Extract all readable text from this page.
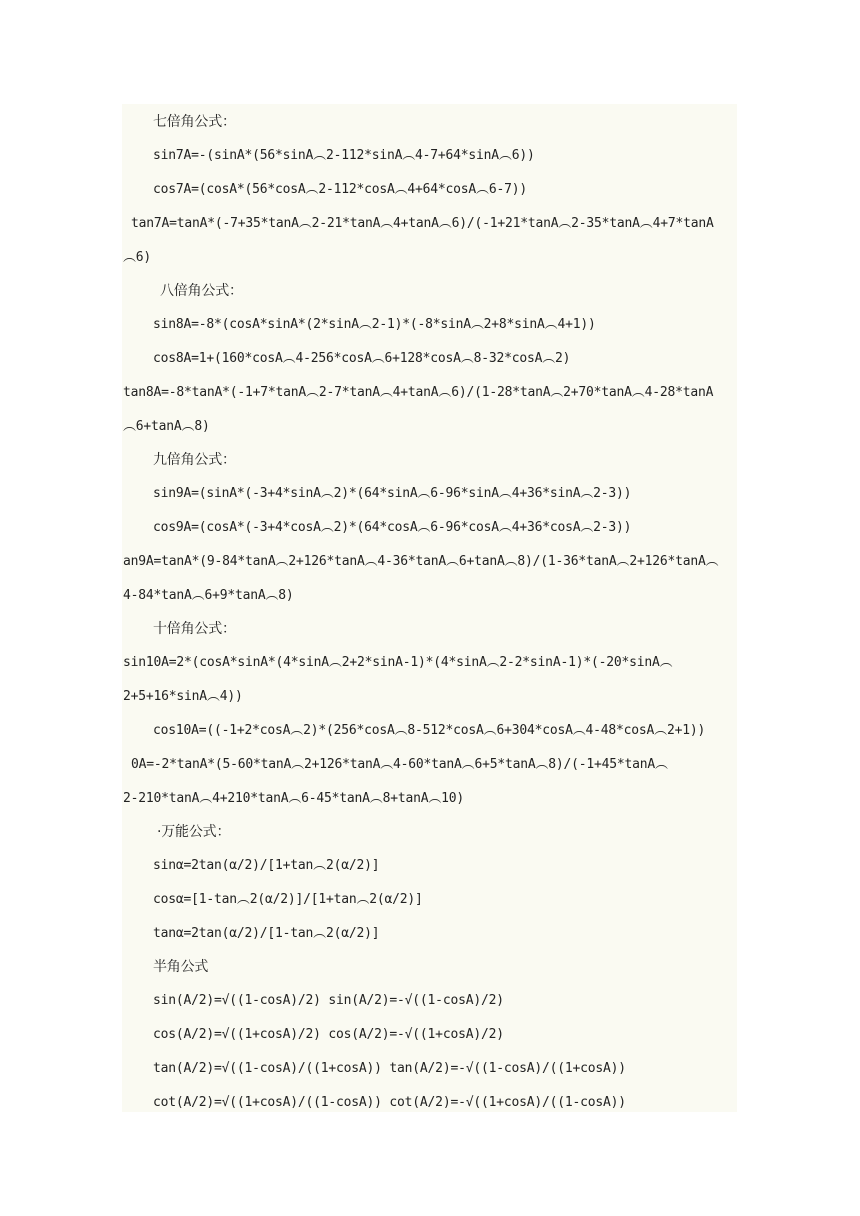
七倍角公式：
sin7A=-(sinA*(56*sinA︵2-112*sinA︵4-7+64*sinA︵6))
cos7A=(cosA*(56*cosA︵2-112*cosA︵4+64*cosA︵6-7))
tan7A=tanA*(-7+35*tanA︵2-21*tanA︵4+tanA︵6)/(-1+21*tanA︵2-35*tanA︵4+7*tanA
︵6)
八倍角公式：
sin8A=-8*(cosA*sinA*(2*sinA︵2-1)*(-8*sinA︵2+8*sinA︵4+1))
cos8A=1+(160*cosA︵4-256*cosA︵6+128*cosA︵8-32*cosA︵2)
tan8A=-8*tanA*(-1+7*tanA︵2-7*tanA︵4+tanA︵6)/(1-28*tanA︵2+70*tanA︵4-28*tanA
︵6+tanA︵8)
九倍角公式：
sin9A=(sinA*(-3+4*sinA︵2)*(64*sinA︵6-96*sinA︵4+36*sinA︵2-3))
cos9A=(cosA*(-3+4*cosA︵2)*(64*cosA︵6-96*cosA︵4+36*cosA︵2-3))
an9A=tanA*(9-84*tanA︵2+126*tanA︵4-36*tanA︵6+tanA︵8)/(1-36*tanA︵2+126*tanA︵
4-84*tanA︵6+9*tanA︵8)
十倍角公式：
sin10A=2*(cosA*sinA*(4*sinA︵2+2*sinA-1)*(4*sinA︵2-2*sinA-1)*(-20*sinA︵
2+5+16*sinA︵4))
cos10A=((-1+2*cosA︵2)*(256*cosA︵8-512*cosA︵6+304*cosA︵4-48*cosA︵2+1))
0A=-2*tanA*(5-60*tanA︵2+126*tanA︵4-60*tanA︵6+5*tanA︵8)/(-1+45*tanA︵
2-210*tanA︵4+210*tanA︵6-45*tanA︵8+tanA︵10)
·万能公式：
sinα=2tan(α/2)/[1+tan︵2(α/2)]
cosα=[1-tan︵2(α/2)]/[1+tan︵2(α/2)]
tanα=2tan(α/2)/[1-tan︵2(α/2)]
半角公式
sin(A/2)=√((1-cosA)/2) sin(A/2)=-√((1-cosA)/2)
cos(A/2)=√((1+cosA)/2) cos(A/2)=-√((1+cosA)/2)
tan(A/2)=√((1-cosA)/((1+cosA)) tan(A/2)=-√((1-cosA)/((1+cosA))
cot(A/2)=√((1+cosA)/((1-cosA)) cot(A/2)=-√((1+cosA)/((1-cosA))
